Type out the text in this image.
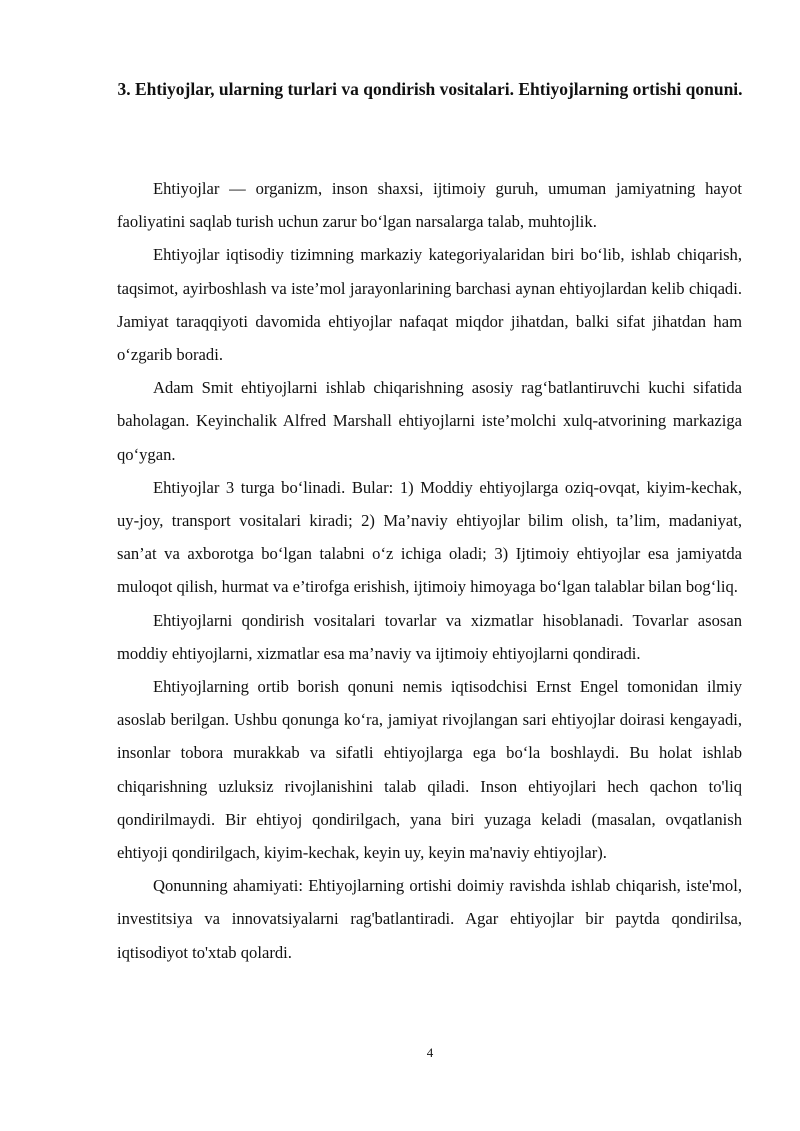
3. Ehtiyojlar, ularning turlari va qondirish vositalari. Ehtiyojlarning ortishi qonuni.

Ehtiyojlar — organizm, inson shaxsi, ijtimoiy guruh, umuman jamiyatning hayot faoliyatini saqlab turish uchun zarur bo‘lgan narsalarga talab, muhtojlik.

Ehtiyojlar iqtisodiy tizimning markaziy kategoriyalaridan biri bo‘lib, ishlab chiqarish, taqsimot, ayirboshlash va iste’mol jarayonlarining barchasi aynan ehtiyojlardan kelib chiqadi. Jamiyat taraqqiyoti davomida ehtiyojlar nafaqat miqdor jihatdan, balki sifat jihatdan ham o‘zgarib boradi.

Adam Smit ehtiyojlarni ishlab chiqarishning asosiy rag‘batlantiruvchi kuchi sifatida baholagan. Keyinchalik Alfred Marshall ehtiyojlarni iste’molchi xulq-atvorining markaziga qo‘ygan.

Ehtiyojlar 3 turga bo‘linadi. Bular: 1) Moddiy ehtiyojlarga oziq-ovqat, kiyim-kechak, uy-joy, transport vositalari kiradi; 2) Ma’naviy ehtiyojlar bilim olish, ta’lim, madaniyat, san’at va axborotga bo‘lgan talabni o‘z ichiga oladi; 3) Ijtimoiy ehtiyojlar esa jamiyatda muloqot qilish, hurmat va e’tirofga erishish, ijtimoiy himoyaga bo‘lgan talablar bilan bog‘liq.

Ehtiyojlarni qondirish vositalari tovarlar va xizmatlar hisoblanadi. Tovarlar asosan moddiy ehtiyojlarni, xizmatlar esa ma’naviy va ijtimoiy ehtiyojlarni qondiradi.

Ehtiyojlarning ortib borish qonuni nemis iqtisodchisi Ernst Engel tomonidan ilmiy asoslab berilgan. Ushbu qonunga ko‘ra, jamiyat rivojlangan sari ehtiyojlar doirasi kengayadi, insonlar tobora murakkab va sifatli ehtiyojlarga ega bo‘la boshlaydi. Bu holat ishlab chiqarishning uzluksiz rivojlanishini talab qiladi. Inson ehtiyojlari hech qachon to'liq qondirilmaydi. Bir ehtiyoj qondirilgach, yana biri yuzaga keladi (masalan, ovqatlanish ehtiyoji qondirilgach, kiyim-kechak, keyin uy, keyin ma'naviy ehtiyojlar).

Qonunning ahamiyati: Ehtiyojlarning ortishi doimiy ravishda ishlab chiqarish, iste'mol, investitsiya va innovatsiyalarni rag'batlantiradi. Agar ehtiyojlar bir paytda qondirilsa, iqtisodiyot to'xtab qolardi.

4
